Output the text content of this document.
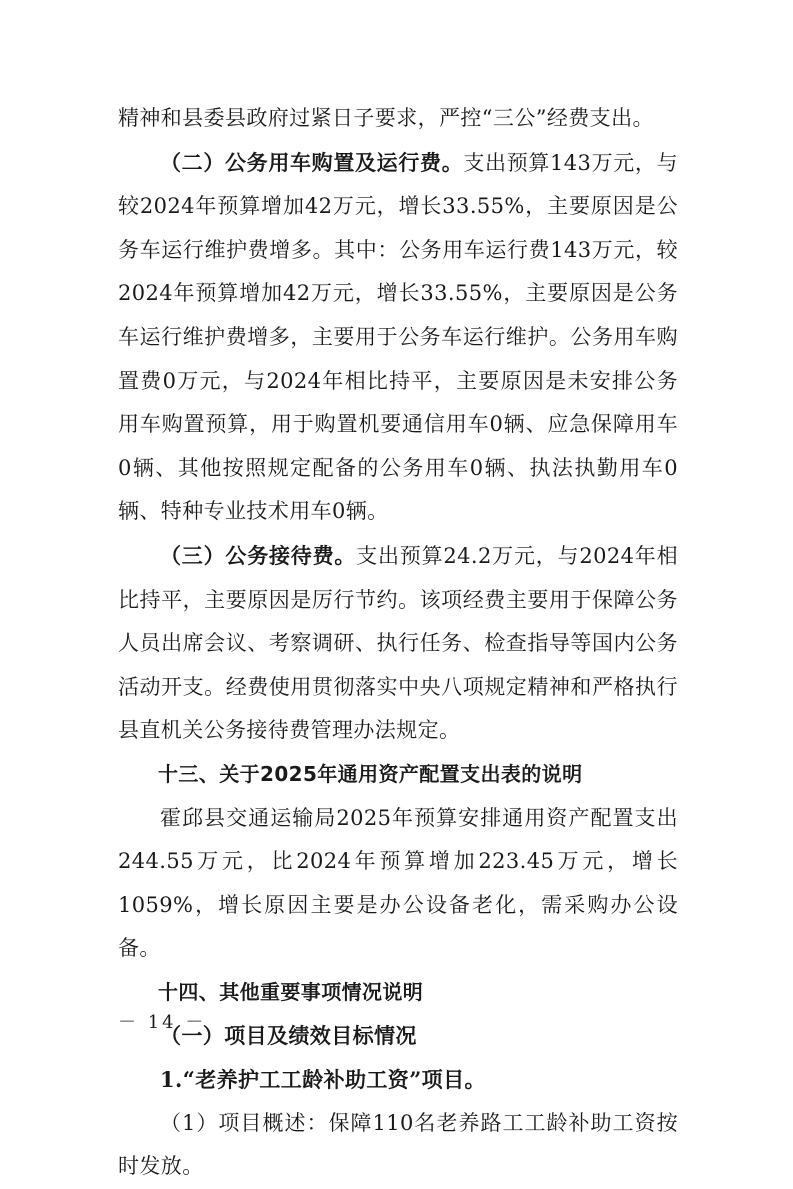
精神和县委县政府过紧日子要求，严控“三公”经费支出。

（二）公务用车购置及运行费。支出预算143万元，与较2024年预算增加42万元，增长33.55%，主要原因是公务车运行维护费增多。其中：公务用车运行费143万元，较2024年预算增加42万元，增长33.55%，主要原因是公务车运行维护费增多，主要用于公务车运行维护。公务用车购置费0万元，与2024年相比持平，主要原因是未安排公务用车购置预算，用于购置机要通信用车0辆、应急保障用车0辆、其他按照规定配备的公务用车0辆、执法执勤用车0辆、特种专业技术用车0辆。

（三）公务接待费。支出预算24.2万元，与2024年相比持平，主要原因是厉行节约。该项经费主要用于保障公务人员出席会议、考察调研、执行任务、检查指导等国内公务活动开支。经费使用贯彻落实中央八项规定精神和严格执行县直机关公务接待费管理办法规定。

十三、关于2025年通用资产配置支出表的说明

霍邱县交通运输局2025年预算安排通用资产配置支出244.55万元，比2024年预算增加223.45万元，增长1059%，增长原因主要是办公设备老化，需采购办公设备。

十四、其他重要事项情况说明

（一）项目及绩效目标情况

1.“老养护工工龄补助工资”项目。

（1）项目概述：保障110名老养路工工龄补助工资按时发放。

－ 14 －
